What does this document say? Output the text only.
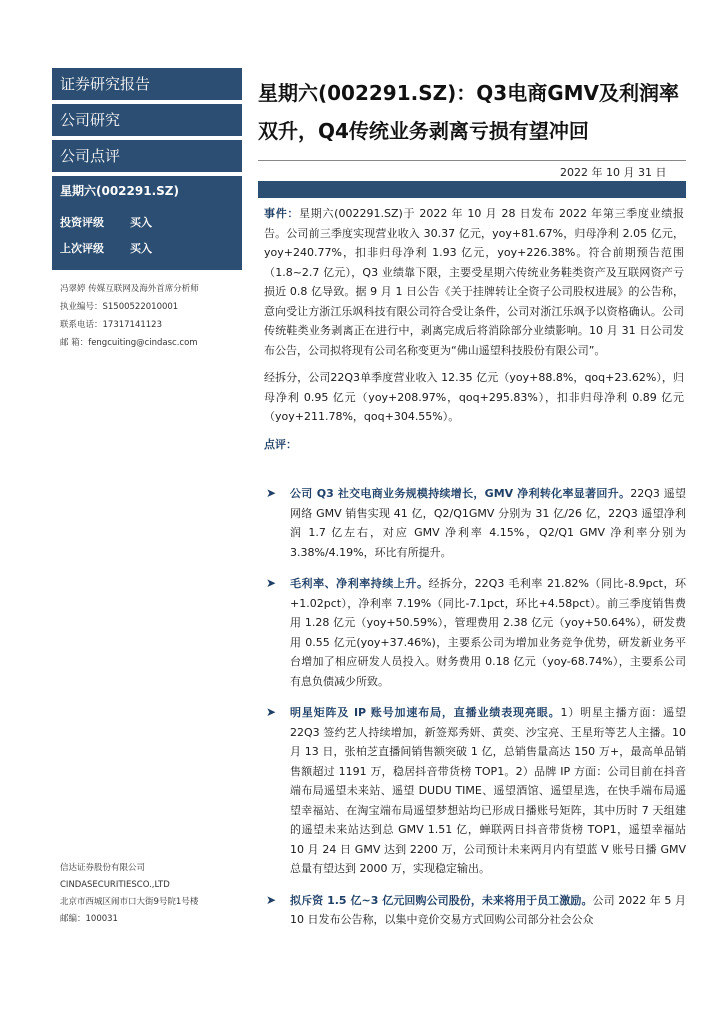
证券研究报告
公司研究
公司点评
星期六(002291.SZ)
投资评级 买入
上次评级 买入
冯翠婷 传媒互联网及海外首席分析师
执业编号：S1500522010001
联系电话：17317141123
邮 箱：fengcuiting@cindasc.com
信达证券股份有限公司
CINDASECURITIESCO.,LTD
北京市西城区闹市口大街9号院1号楼
邮编：100031
星期六(002291.SZ)：Q3电商GMV及利润率双升，Q4传统业务剥离亏损有望冲回
2022 年 10 月 31 日

事件：星期六(002291.SZ)于 2022 年 10 月 28 日发布 2022 年第三季度业绩报告。公司前三季度实现营业收入 30.37 亿元，yoy+81.67%，归母净利 2.05 亿元，yoy+240.77%，扣非归母净利 1.93 亿元，yoy+226.38%。符合前期预告范围（1.8~2.7 亿元），Q3 业绩靠下限，主要受星期六传统业务鞋类资产及互联网资产亏损近 0.8 亿导致。据 9 月 1 日公告《关于挂牌转让全资子公司股权进展》的公告称，意向受让方浙江乐飒科技有限公司符合受让条件，公司对浙江乐飒予以资格确认。公司传统鞋类业务剥离正在进行中，剥离完成后将消除部分业绩影响。10 月 31 日公司发布公告，公司拟将现有公司名称变更为“佛山遥望科技股份有限公司”。

经拆分，公司22Q3单季度营业收入 12.35 亿元（yoy+88.8%，qoq+23.62%），归母净利 0.95 亿元（yoy+208.97%，qoq+295.83%），扣非归母净利 0.89 亿元（yoy+211.78%，qoq+304.55%）。

点评：

➤	公司 Q3 社交电商业务规模持续增长，GMV 净利转化率显著回升。22Q3 遥望网络 GMV 销售实现 41 亿，Q2/Q1GMV 分别为 31 亿/26 亿，22Q3 遥望净利润 1.7 亿左右，对应 GMV 净利率 4.15%，Q2/Q1 GMV 净利率分别为 3.38%/4.19%，环比有所提升。
➤	毛利率、净利率持续上升。经拆分，22Q3 毛利率 21.82%（同比-8.9pct，环+1.02pct），净利率 7.19%（同比-7.1pct，环比+4.58pct）。前三季度销售费用 1.28 亿元（yoy+50.59%），管理费用 2.38 亿元（yoy+50.64%），研发费用 0.55 亿元(yoy+37.46%)，主要系公司为增加业务竞争优势，研发新业务平台增加了相应研发人员投入。财务费用 0.18 亿元（yoy-68.74%），主要系公司有息负债减少所致。
➤	明星矩阵及 IP 账号加速布局，直播业绩表现亮眼。1）明星主播方面：遥望 22Q3 签约艺人持续增加，新签郑秀妍、黄奕、沙宝亮、王星珩等艺人主播。10 月 13 日，张柏芝直播间销售额突破 1 亿，总销售量高达 150 万+，最高单品销售额超过 1191 万，稳居抖音带货榜 TOP1。2）品牌 IP 方面：公司目前在抖音端布局遥望未来站、遥望 DUDU TIME、遥望酒馆、遥望星选，在快手端布局遥望幸福站、在淘宝端布局遥望梦想站均已形成日播账号矩阵，其中历时 7 天组建的遥望未来站达到总 GMV 1.51 亿，蝉联两日抖音带货榜 TOP1，遥望幸福站 10 月 24 日 GMV 达到 2200 万，公司预计未来两月内有望蓝 V 账号日播 GMV 总量有望达到 2000 万，实现稳定输出。
➤	拟斥资 1.5 亿~3 亿元回购公司股份，未来将用于员工激励。公司 2022 年 5 月 10 日发布公告称，以集中竞价交易方式回购公司部分社会公众
